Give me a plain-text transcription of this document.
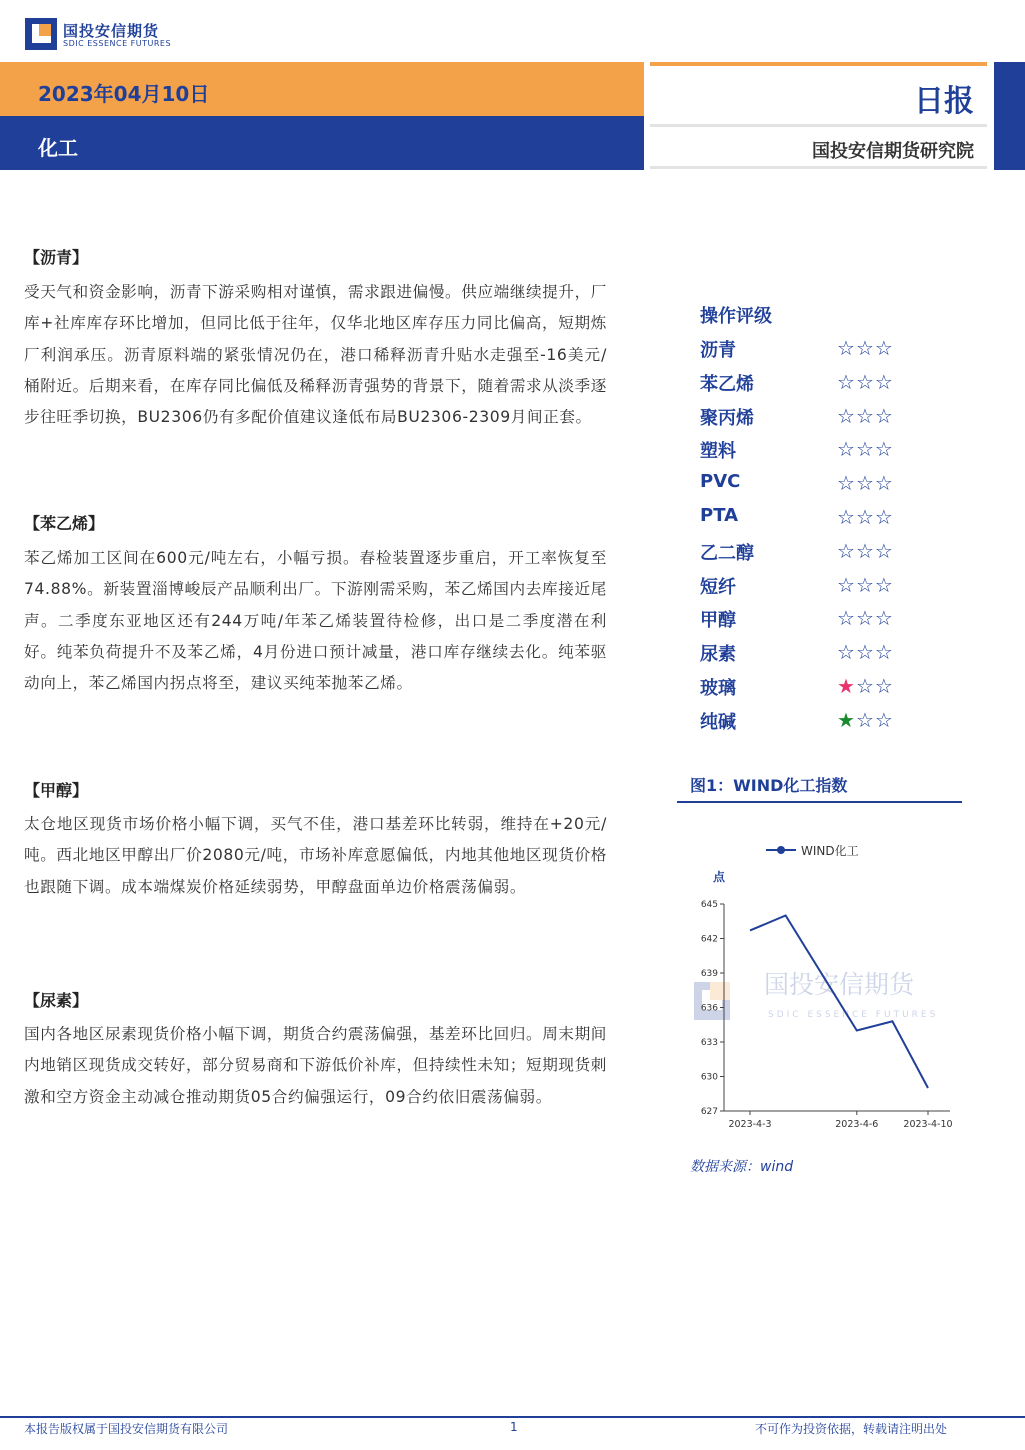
国投安信期货
SDIC ESSENCE FUTURES
2023年04月10日
化工
日报
国投安信期货研究院
【沥青】
受天气和资金影响，沥青下游采购相对谨慎，需求跟进偏慢。供应端继续提升，厂库+社库库存环比增加，但同比低于往年，仅华北地区库存压力同比偏高，短期炼厂利润承压。沥青原料端的紧张情况仍在，港口稀释沥青升贴水走强至-16美元/桶附近。后期来看，在库存同比偏低及稀释沥青强势的背景下，随着需求从淡季逐步往旺季切换，BU2306仍有多配价值建议逢低布局BU2306-2309月间正套。
【苯乙烯】
苯乙烯加工区间在600元/吨左右，小幅亏损。春检装置逐步重启，开工率恢复至74.88%。新装置淄博峻辰产品顺利出厂。下游刚需采购，苯乙烯国内去库接近尾声。二季度东亚地区还有244万吨/年苯乙烯装置待检修，出口是二季度潜在利好。纯苯负荷提升不及苯乙烯，4月份进口预计减量，港口库存继续去化。纯苯驱动向上，苯乙烯国内拐点将至，建议买纯苯抛苯乙烯。
【甲醇】
太仓地区现货市场价格小幅下调，买气不佳，港口基差环比转弱，维持在+20元/吨。西北地区甲醇出厂价2080元/吨，市场补库意愿偏低，内地其他地区现货价格也跟随下调。成本端煤炭价格延续弱势，甲醇盘面单边价格震荡偏弱。
【尿素】
国内各地区尿素现货价格小幅下调，期货合约震荡偏强，基差环比回归。周末期间内地销区现货成交转好，部分贸易商和下游低价补库，但持续性未知；短期现货刺激和空方资金主动减仓推动期货05合约偏强运行，09合约依旧震荡偏弱。
操作评级
沥青	☆☆☆
苯乙烯	☆☆☆
聚丙烯	☆☆☆
塑料	☆☆☆
PVC	☆☆☆
PTA	☆☆☆
乙二醇	☆☆☆
短纤	☆☆☆
甲醇	☆☆☆
尿素	☆☆☆
玻璃	★☆☆
纯碱	★☆☆
图1：WIND化工指数
国投安信期货
SDIC ESSENCE FUTURES
WIND化工
点
627
630
633
636
639
642
645
2023-4-3	2023-4-6	2023-4-10
数据来源：wind
本报告版权属于国投安信期货有限公司	1	不可作为投资依据，转载请注明出处
